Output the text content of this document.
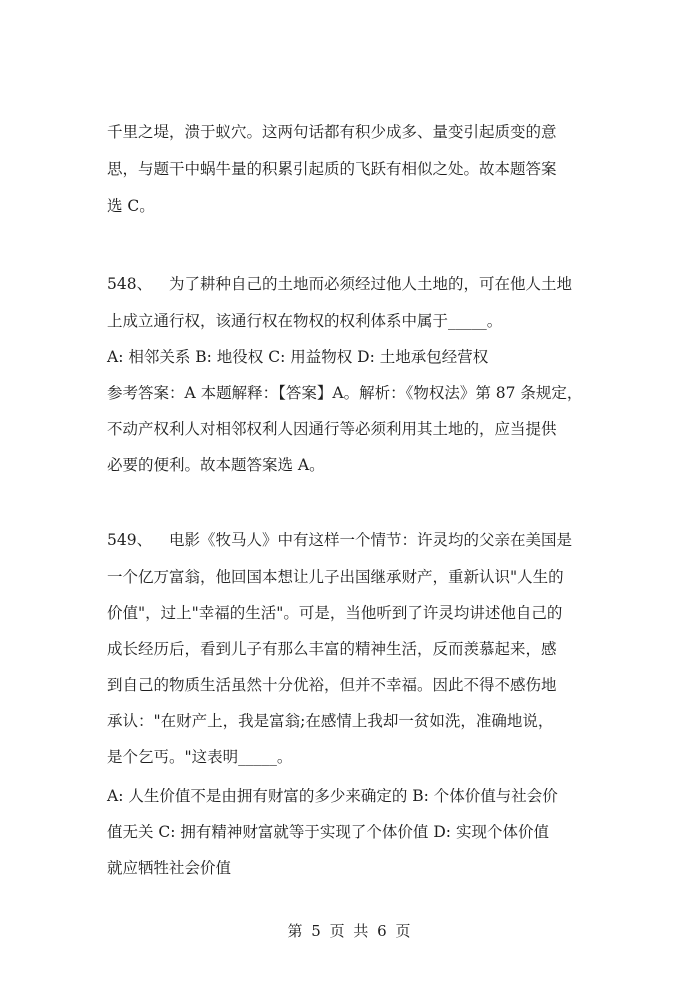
千里之堤，溃于蚁穴。这两句话都有积少成多、量变引起质变的意
思，与题干中蜗牛量的积累引起质的飞跃有相似之处。故本题答案
选 C。
548、 为了耕种自己的土地而必须经过他人土地的，可在他人土地
上成立通行权，该通行权在物权的权利体系中属于_____。
A: 相邻关系 B: 地役权 C: 用益物权 D: 土地承包经营权
参考答案：A 本题解释：【答案】A。解析：《物权法》第 87 条规定，
不动产权利人对相邻权利人因通行等必须利用其土地的，应当提供
必要的便利。故本题答案选 A。
549、 电影《牧马人》中有这样一个情节：许灵均的父亲在美国是
一个亿万富翁，他回国本想让儿子出国继承财产，重新认识"人生的
价值"，过上"幸福的生活"。可是，当他听到了许灵均讲述他自己的
成长经历后，看到儿子有那么丰富的精神生活，反而羡慕起来，感
到自己的物质生活虽然十分优裕，但并不幸福。因此不得不感伤地
承认："在财产上，我是富翁;在感情上我却一贫如洗，准确地说，
是个乞丐。"这表明_____。
A: 人生价值不是由拥有财富的多少来确定的 B: 个体价值与社会价
值无关 C: 拥有精神财富就等于实现了个体价值 D: 实现个体价值
就应牺牲社会价值
第 5 页 共 6 页
